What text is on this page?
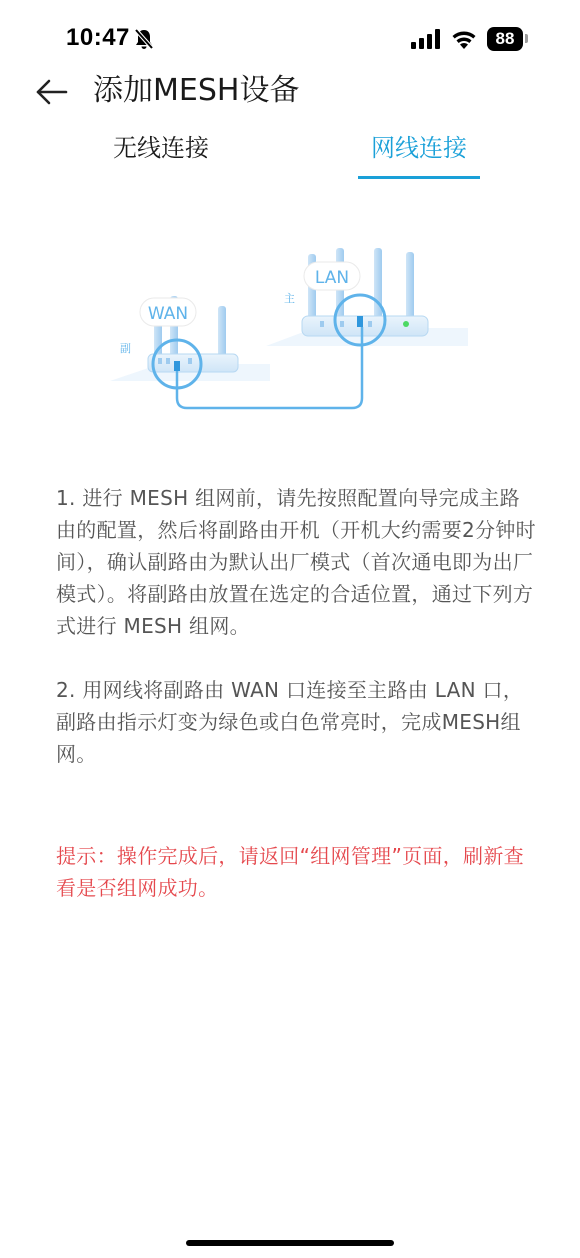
10:47	88
添加MESH设备
无线连接	网线连接
WAN
副
LAN
主

1. 进行 MESH 组网前，请先按照配置向导完成主路由的配置，然后将副路由开机（开机大约需要2分钟时间），确认副路由为默认出厂模式（首次通电即为出厂模式）。将副路由放置在选定的合适位置，通过下列方式进行 MESH 组网。

2. 用网线将副路由 WAN 口连接至主路由 LAN 口，副路由指示灯变为绿色或白色常亮时，完成MESH组网。

提示：操作完成后，请返回“组网管理”页面，刷新查看是否组网成功。
